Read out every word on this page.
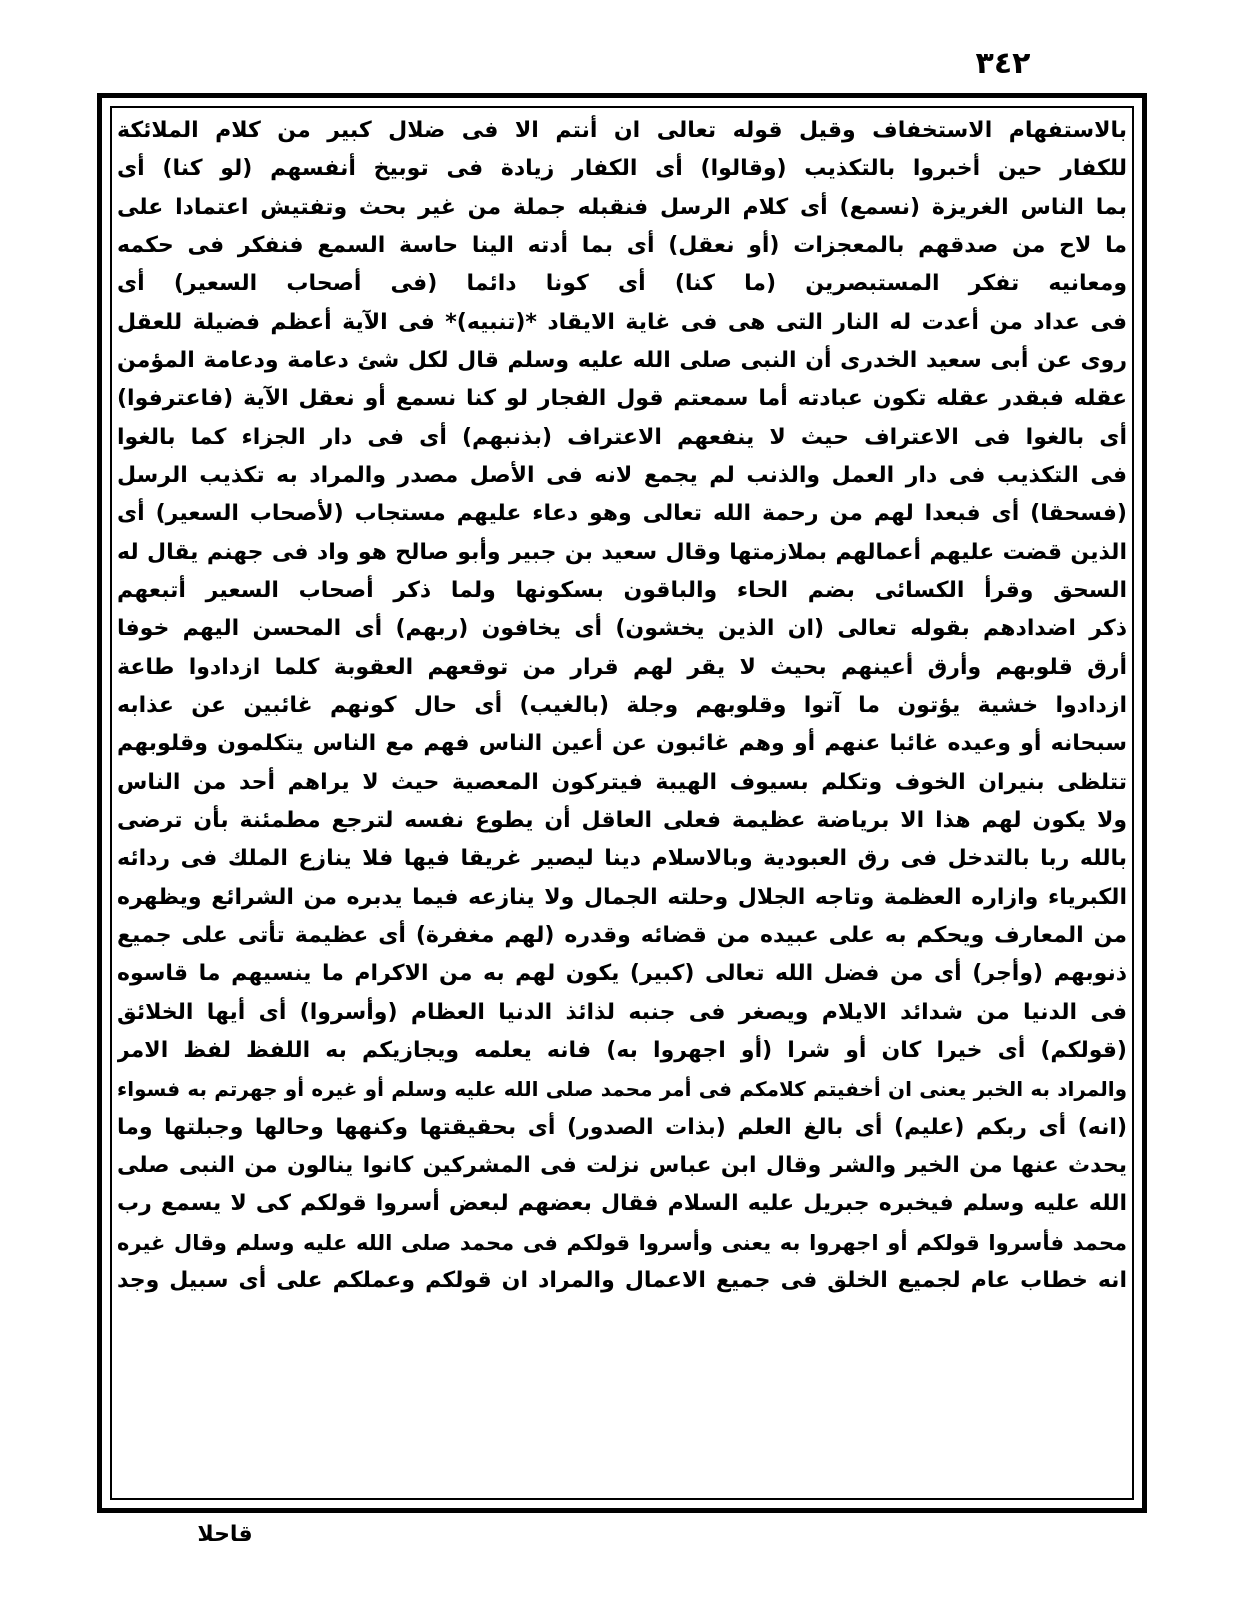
٣٤٢
بالاستفهام الاستخفاف وقيل قوله تعالى ان أنتم الا فى ضلال كبير من كلام الملائكة
للكفار حين أخبروا بالتكذيب (وقالوا) أى الكفار زيادة فى توبيخ أنفسهم (لو كنا) أى
بما الناس الغريزة (نسمع) أى كلام الرسل فنقبله جملة من غير بحث وتفتيش اعتمادا على
ما لاح من صدقهم بالمعجزات (أو نعقل) أى بما أدته الينا حاسة السمع فنفكر فى حكمه
ومعانيه تفكر المستبصرين (ما كنا) أى كونا دائما (فى أصحاب السعير) أى
فى عداد من أعدت له النار التى هى فى غاية الايقاد *(تنبيه)* فى الآية أعظم فضيلة للعقل
روى عن أبى سعيد الخدرى أن النبى صلى الله عليه وسلم قال لكل شئ دعامة ودعامة المؤمن
عقله فبقدر عقله تكون عبادته أما سمعتم قول الفجار لو كنا نسمع أو نعقل الآية (فاعترفوا)
أى بالغوا فى الاعتراف حيث لا ينفعهم الاعتراف (بذنبهم) أى فى دار الجزاء كما بالغوا
فى التكذيب فى دار العمل والذنب لم يجمع لانه فى الأصل مصدر والمراد به تكذيب الرسل
(فسحقا) أى فبعدا لهم من رحمة الله تعالى وهو دعاء عليهم مستجاب (لأصحاب السعير) أى
الذين قضت عليهم أعمالهم بملازمتها وقال سعيد بن جبير وأبو صالح هو واد فى جهنم يقال له
السحق وقرأ الكسائى بضم الحاء والباقون بسكونها ولما ذكر أصحاب السعير أتبعهم
ذكر اضدادهم بقوله تعالى (ان الذين يخشون) أى يخافون (ربهم) أى المحسن اليهم خوفا
أرق قلوبهم وأرق أعينهم بحيث لا يقر لهم قرار من توقعهم العقوبة كلما ازدادوا طاعة
ازدادوا خشية يؤتون ما آتوا وقلوبهم وجلة (بالغيب) أى حال كونهم غائبين عن عذابه
سبحانه أو وعيده غائبا عنهم أو وهم غائبون عن أعين الناس فهم مع الناس يتكلمون وقلوبهم
تتلظى بنيران الخوف وتكلم بسيوف الهيبة فيتركون المعصية حيث لا يراهم أحد من الناس
ولا يكون لهم هذا الا برياضة عظيمة فعلى العاقل أن يطوع نفسه لترجع مطمئنة بأن ترضى
بالله ربا بالتدخل فى رق العبودية وبالاسلام دينا ليصير غريقا فيها فلا ينازع الملك فى ردائه
الكبرياء وازاره العظمة وتاجه الجلال وحلته الجمال ولا ينازعه فيما يدبره من الشرائع ويظهره
من المعارف ويحكم به على عبيده من قضائه وقدره (لهم مغفرة) أى عظيمة تأتى على جميع
ذنوبهم (وأجر) أى من فضل الله تعالى (كبير) يكون لهم به من الاكرام ما ينسيهم ما قاسوه
فى الدنيا من شدائد الايلام ويصغر فى جنبه لذائذ الدنيا العظام (وأسروا) أى أيها الخلائق
(قولكم) أى خيرا كان أو شرا (أو اجهروا به) فانه يعلمه ويجازيكم به اللفظ لفظ الامر
والمراد به الخبر يعنى ان أخفيتم كلامكم فى أمر محمد صلى الله عليه وسلم أو غيره أو جهرتم به فسواء
(انه) أى ربكم (عليم) أى بالغ العلم (بذات الصدور) أى بحقيقتها وكنهها وحالها وجبلتها وما
يحدث عنها من الخير والشر وقال ابن عباس نزلت فى المشركين كانوا ينالون من النبى صلى
الله عليه وسلم فيخبره جبريل عليه السلام فقال بعضهم لبعض أسروا قولكم كى لا يسمع رب
محمد فأسروا قولكم أو اجهروا به يعنى وأسروا قولكم فى محمد صلى الله عليه وسلم وقال غيره
انه خطاب عام لجميع الخلق فى جميع الاعمال والمراد ان قولكم وعملكم على أى سبيل وجد
قاحلا
